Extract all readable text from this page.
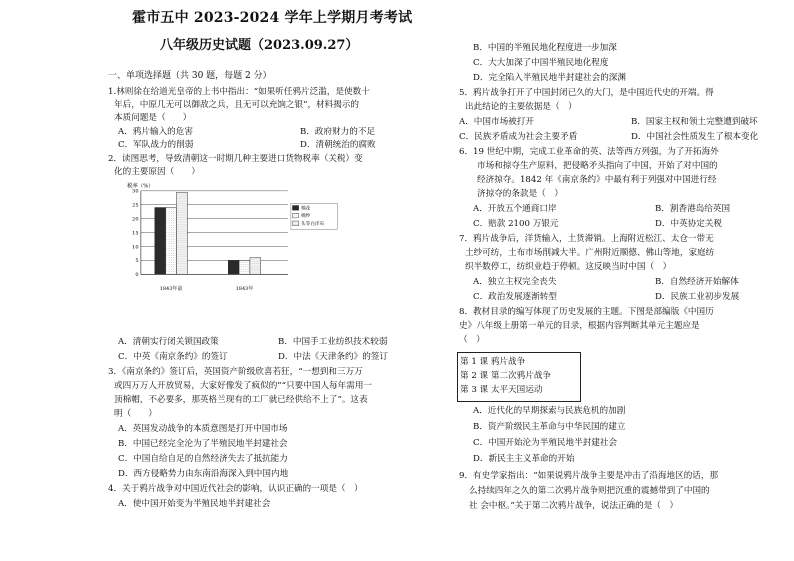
霍市五中 2023-2024 学年上学期月考考试
八年级历史试题（2023.09.27）
一、单项选择题（共 30 题，每题 2 分）
1.林则徐在给道光皇帝的上书中指出：“如果听任鸦片泛滥，是使数十
年后，中原几无可以御敌之兵，且无可以充饷之银”，材料揭示的
本质问题是（　　）
A．鸦片输入的危害	B．政府财力的不足
C．军队战力的削弱	D．清朝统治的腐败
2．读图思考，导致清朝这一时期几种主要进口货物税率（关税）变
化的主要原因（　　）
税率（%）
0
5
10
15
20
25
30
1843年前	1843年
棉花
棉纱
头等白洋布
A．清朝实行闭关锁国政策	B．中国手工业纺织技术较弱
C．中英《南京条约》的签订	D．中法《天津条约》的签订
3．《南京条约》签订后，英国资产阶级欣喜若狂，“一想到和三万万
或四万万人开放贸易，大家好像发了疯似的”“只要中国人每年需用一
顶棉帽，不必要多，那英格兰现有的工厂就已经供给不上了”。这表
明（　　）
A．英国发动战争的本质意图是打开中国市场
B．中国已经完全沦为了半殖民地半封建社会
C．中国自给自足的自然经济失去了抵抗能力
D．西方侵略势力由东南沿海深入到中国内地
4．关于鸦片战争对中国近代社会的影响，认识正确的一项是（　）
A．使中国开始变为半殖民地半封建社会
B．中国的半殖民地化程度进一步加深
C．大大加深了中国半殖民地化程度
D．完全陷入半殖民地半封建社会的深渊
5．鸦片战争打开了中国封闭已久的大门，是中国近代史的开端。得
出此结论的主要依据是（　）
A．中国市场被打开	B．国家主权和领土完整遭到破坏
C．民族矛盾成为社会主要矛盾	D．中国社会性质发生了根本变化
6．19 世纪中期，完成工业革命的英、法等西方列强，为了开拓海外
市场和掠夺生产原料，把侵略矛头指向了中国，开始了对中国的
经济掠夺。1842 年《南京条约》中最有利于列强对中国进行经
济掠夺的条款是（　）
A．开放五个通商口岸	B．割香港岛给英国
C．赔款 2100 万银元	D．中英协定关税
7．鸦片战争后，洋货输入，土货滞销。上海附近松江、太仓一带无
土纱可纺，土布市场削减大半。广州附近顺德、佛山等地，家庭纺
织半数停工，纺织业趋于停顿。这反映当时中国（　）
A．独立主权完全丧失	B．自然经济开始解体
C．政治发展逐渐转型	D．民族工业初步发展
8．教材目录的编写体现了历史发展的主题。下图是部编版《中国历
史》八年级上册第一单元的目录，根据内容判断其单元主题应是
（　）
第 1 课 鸦片战争
第 2 课 第二次鸦片战争
第 3 课 太平天国运动
A．近代化的早期探索与民族危机的加剧
B．资产阶级民主革命与中华民国的建立
C．中国开始沦为半殖民地半封建社会
D．新民主主义革命的开始
9．有史学家指出：“如果说鸦片战争主要是冲击了沿海地区的话，那
么持续四年之久的第二次鸦片战争则把沉重的震撼带到了中国的
社 会中枢。”关于第二次鸦片战争，说法正确的是（　）
